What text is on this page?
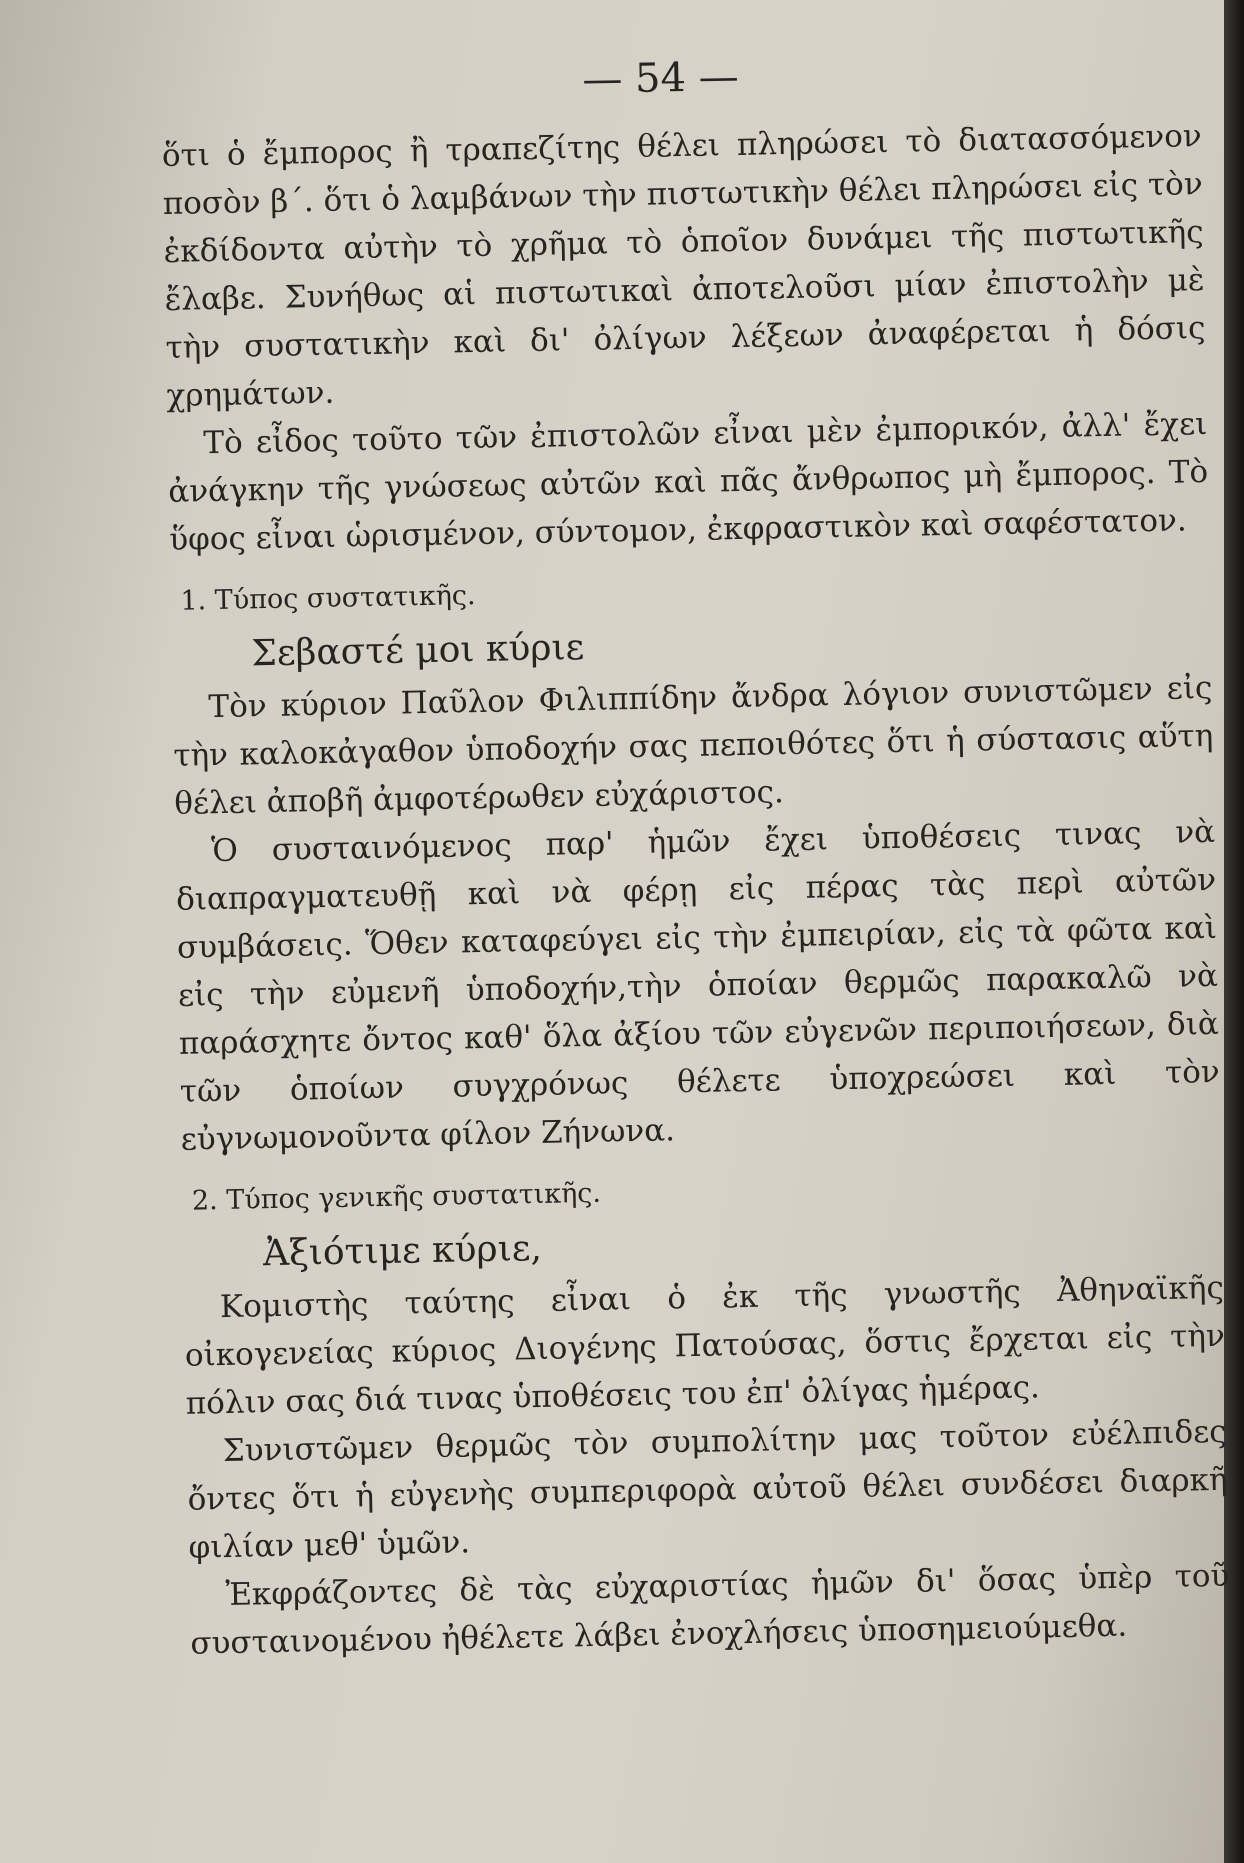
— 54 —

ὅτι ὁ ἔμπορος ἢ τραπεζίτης θέλει πληρώσει τὸ διατασσόμενον ποσὸν β΄. ὅτι ὁ λαμβάνων τὴν πιστωτικὴν θέλει πληρώσει εἰς τὸν ἐκδίδοντα αὐτὴν τὸ χρῆμα τὸ ὁποῖον δυνάμει τῆς πιστωτικῆς ἔλαβε. Συνήθως αἱ πιστωτικαὶ ἀποτελοῦσι μίαν ἐπιστολὴν μὲ τὴν συστατικὴν καὶ δι' ὀλίγων λέξεων ἀναφέρεται ἡ δόσις χρημάτων.

Τὸ εἶδος τοῦτο τῶν ἐπιστολῶν εἶναι μὲν ἐμπορικόν, ἀλλ' ἔχει ἀνάγκην τῆς γνώσεως αὐτῶν καὶ πᾶς ἄνθρωπος μὴ ἔμπορος. Τὸ ὕφος εἶναι ὡρισμένον, σύντομον, ἐκφραστικὸν καὶ σαφέστατον.

1. Τύπος συστατικῆς.
Σεβαστέ μοι κύριε

Τὸν κύριον Παῦλον Φιλιππίδην ἄνδρα λόγιον συνιστῶμεν εἰς τὴν καλοκἀγαθον ὑποδοχήν σας πεποιθότες ὅτι ἡ σύστασις αὕτη θέλει ἀποβῆ ἀμφοτέρωθεν εὐχάριστος.

Ὁ συσταινόμενος παρ' ἡμῶν ἔχει ὑποθέσεις τινας νὰ διαπραγματευθῇ καὶ νὰ φέρῃ εἰς πέρας τὰς περὶ αὐτῶν συμβάσεις. Ὅθεν καταφεύγει εἰς τὴν ἐμπειρίαν, εἰς τὰ φῶτα καὶ εἰς τὴν εὐμενῆ ὑποδοχήν,τὴν ὁποίαν θερμῶς παρακαλῶ νὰ παράσχητε ὄντος καθ' ὅλα ἀξίου τῶν εὐγενῶν περιποιήσεων, διὰ τῶν ὁποίων συγχρόνως θέλετε ὑποχρεώσει καὶ τὸν εὐγνωμονοῦντα φίλον Ζήνωνα.

2. Τύπος γενικῆς συστατικῆς.
Ἀξιότιμε κύριε,

Κομιστὴς ταύτης εἶναι ὁ ἐκ τῆς γνωστῆς Ἀθηναϊκῆς οἰκογενείας κύριος Διογένης Πατούσας, ὅστις ἔρχεται εἰς τὴν πόλιν σας διά τινας ὑποθέσεις του ἐπ' ὀλίγας ἡμέρας.

Συνιστῶμεν θερμῶς τὸν συμπολίτην μας τοῦτον εὐέλπιδες ὄντες ὅτι ἡ εὐγενὴς συμπεριφορὰ αὐτοῦ θέλει συνδέσει διαρκῆ φιλίαν μεθ' ὑμῶν.

Ἐκφράζοντες δὲ τὰς εὐχαριστίας ἡμῶν δι' ὅσας ὑπὲρ τοῦ συσταινομένου ἠθέλετε λάβει ἐνοχλήσεις ὑποσημειούμεθα.
